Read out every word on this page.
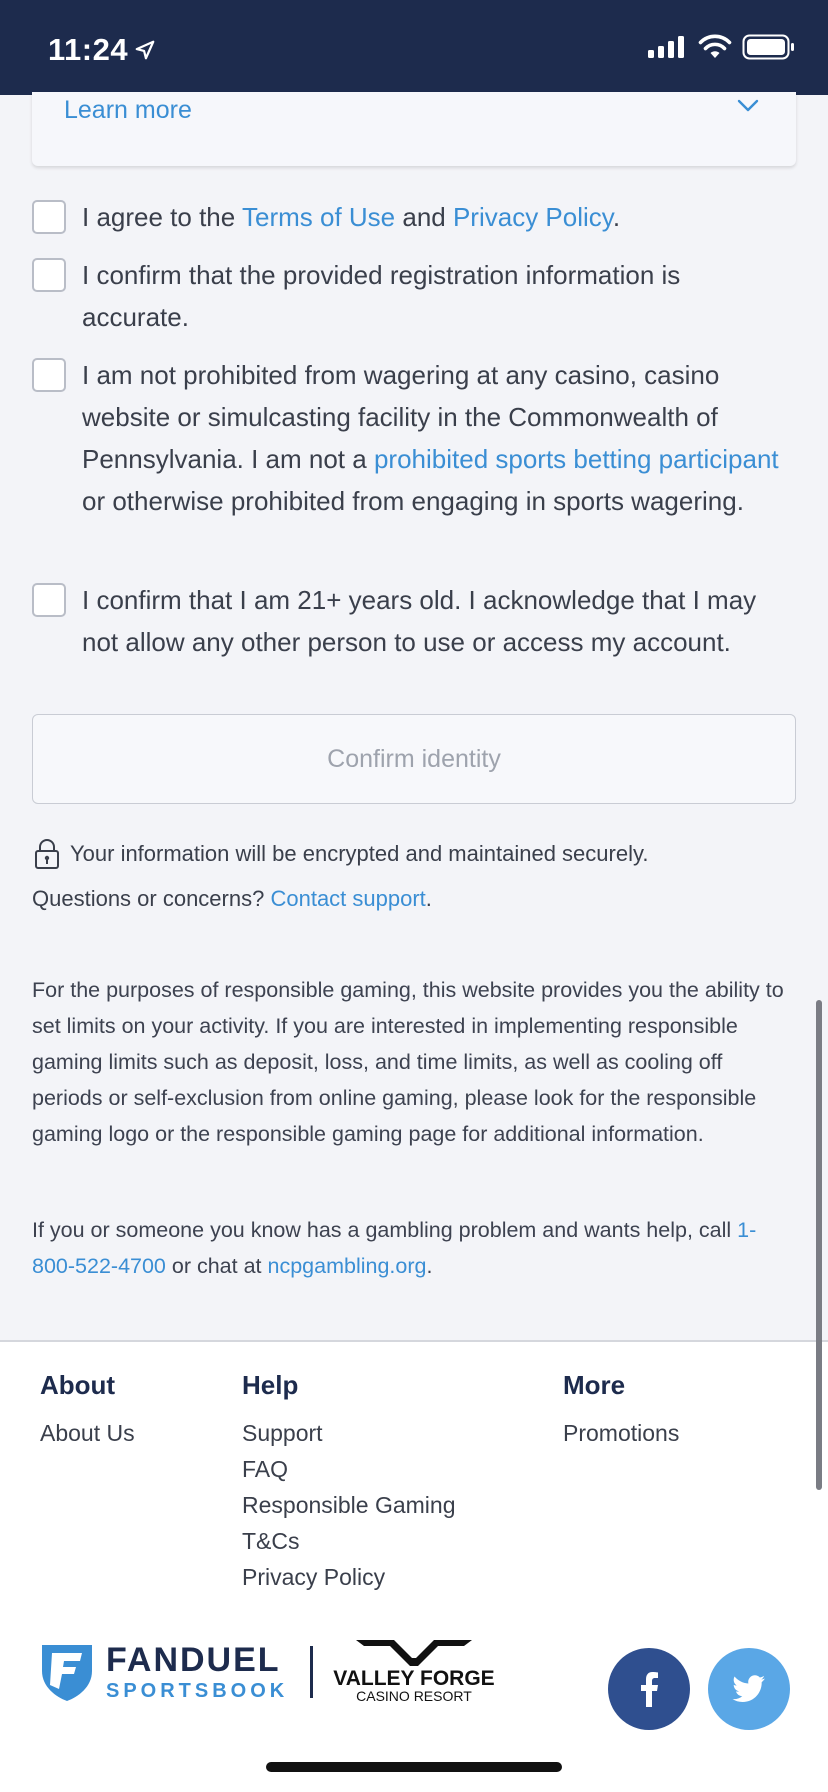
11:24
Learn more
I agree to the Terms of Use and Privacy Policy.
I confirm that the provided registration information is accurate.
I am not prohibited from wagering at any casino, casino website or simulcasting facility in the Commonwealth of Pennsylvania. I am not a prohibited sports betting participant or otherwise prohibited from engaging in sports wagering.
I confirm that I am 21+ years old. I acknowledge that I may not allow any other person to use or access my account.
Confirm identity
Your information will be encrypted and maintained securely.
Questions or concerns? Contact support.

For the purposes of responsible gaming, this website provides you the ability to set limits on your activity. If you are interested in implementing responsible gaming limits such as deposit, loss, and time limits, as well as cooling off periods or self-exclusion from online gaming, please look for the responsible gaming logo or the responsible gaming page for additional information.

If you or someone you know has a gambling problem and wants help, call 1-800-522-4700 or chat at ncpgambling.org.

About
About Us
Help
Support
FAQ
Responsible Gaming
T&Cs
Privacy Policy
More
Promotions
FANDUEL
SPORTSBOOK
VALLEY FORGE
CASINO RESORT
